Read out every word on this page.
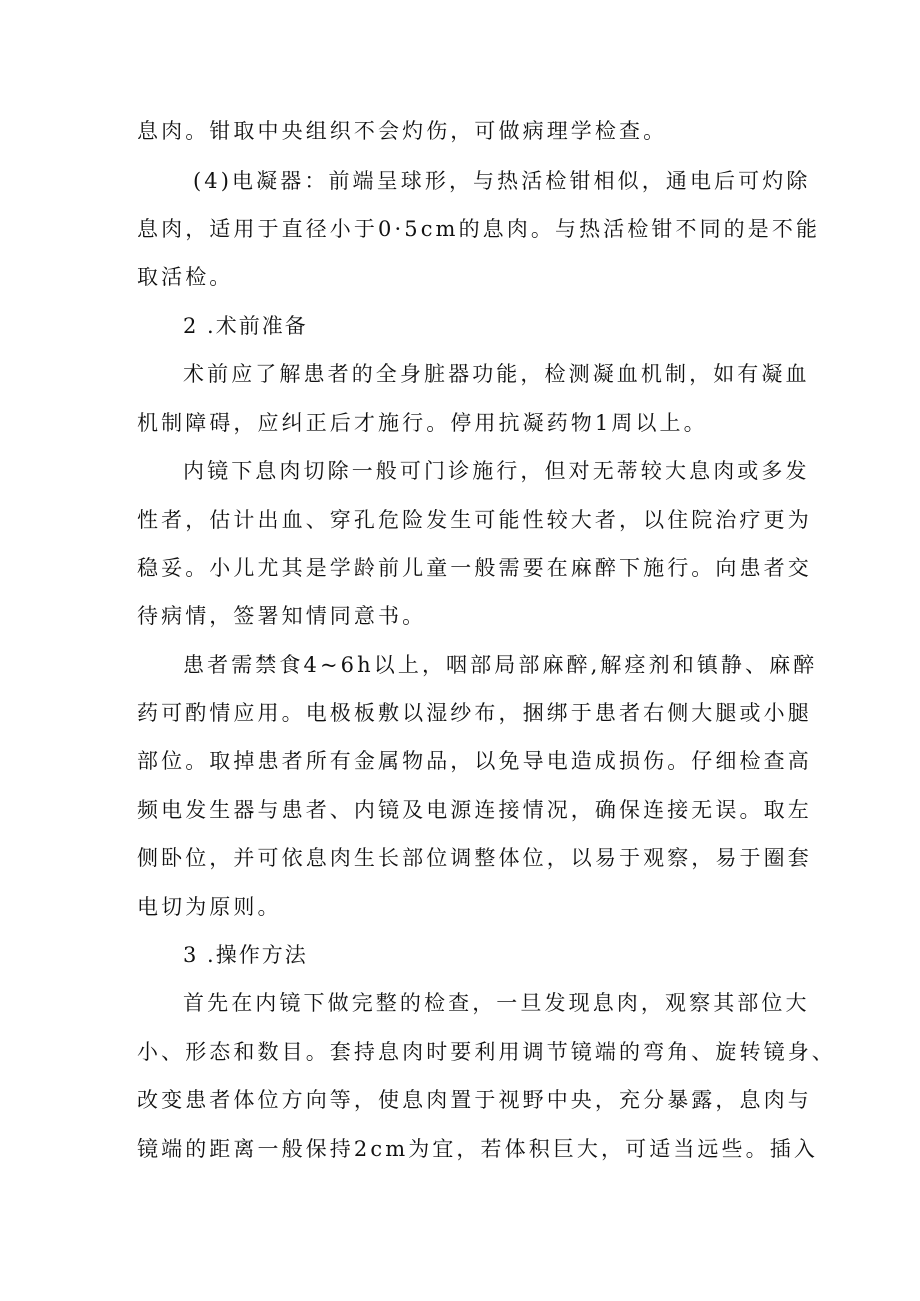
息肉。钳取中央组织不会灼伤，可做病理学检查。
(4)电凝器：前端呈球形，与热活检钳相似，通电后可灼除
息肉，适用于直径小于0·5cm的息肉。与热活检钳不同的是不能
取活检。
2 .术前准备
术前应了解患者的全身脏器功能，检测凝血机制，如有凝血
机制障碍，应纠正后才施行。停用抗凝药物1周以上。
内镜下息肉切除一般可门诊施行，但对无蒂较大息肉或多发
性者，估计出血、穿孔危险发生可能性较大者，以住院治疗更为
稳妥。小儿尤其是学龄前儿童一般需要在麻醉下施行。向患者交
待病情，签署知情同意书。
患者需禁食4~6h以上，咽部局部麻醉,解痉剂和镇静、麻醉
药可酌情应用。电极板敷以湿纱布，捆绑于患者右侧大腿或小腿
部位。取掉患者所有金属物品，以免导电造成损伤。仔细检查高
频电发生器与患者、内镜及电源连接情况，确保连接无误。取左
侧卧位，并可依息肉生长部位调整体位，以易于观察，易于圈套
电切为原则。
3 .操作方法
首先在内镜下做完整的检查，一旦发现息肉，观察其部位大
小、形态和数目。套持息肉时要利用调节镜端的弯角、旋转镜身、
改变患者体位方向等，使息肉置于视野中央，充分暴露，息肉与
镜端的距离一般保持2cm为宜，若体积巨大，可适当远些。插入
